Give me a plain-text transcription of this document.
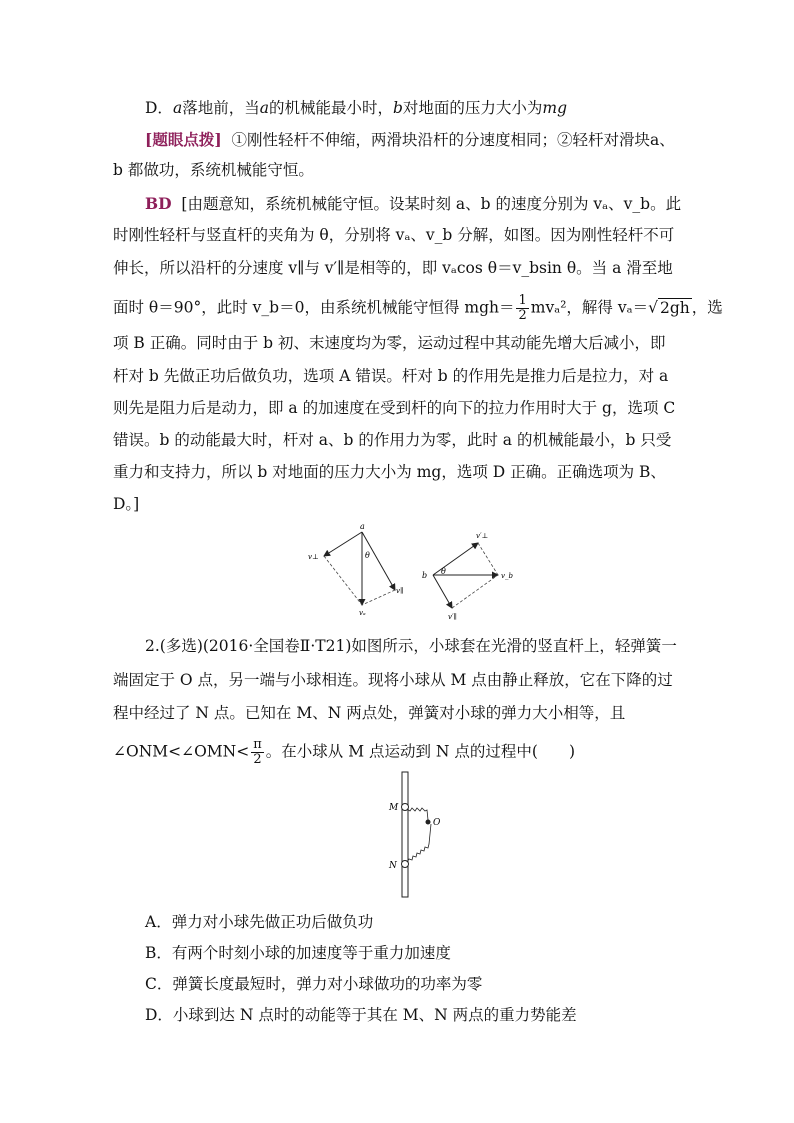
D．a落地前，当a的机械能最小时，b对地面的压力大小为mg
[题眼点拨] ①刚性轻杆不伸缩，两滑块沿杆的分速度相同；②轻杆对滑块a、
b 都做功，系统机械能守恒。
BD [由题意知，系统机械能守恒。设某时刻 a、b 的速度分别为 vₐ、v_b。此
时刚性轻杆与竖直杆的夹角为 θ，分别将 vₐ、v_b 分解，如图。因为刚性轻杆不可
伸长，所以沿杆的分速度 v∥与 v′∥是相等的，即 vₐcos θ＝v_bsin θ。当 a 滑至地
面时 θ＝90°，此时 v_b＝0，由系统机械能守恒得 $mgh= \frac{1}{2} mv_a^2$，解得 vₐ＝√ 2gh ，选
项 B 正确。同时由于 b 初、末速度均为零，运动过程中其动能先增大后减小，即
杆对 b 先做正功后做负功，选项 A 错误。杆对 b 的作用先是推力后是拉力，对 a
则先是阻力后是动力，即 a 的加速度在受到杆的向下的拉力作用时大于 g，选项 C
错误。b 的动能最大时，杆对 a、b 的作用力为零，此时 a 的机械能最小，b 只受
重力和支持力，所以 b 对地面的压力大小为 mg，选项 D 正确。正确选项为 B、
D。]
a
θ
v⊥
v∥
vₐ
v′⊥
b θ	v_b
v′∥
2.(多选)(2016·全国卷Ⅱ·T21)如图所示，小球套在光滑的竖直杆上，轻弹簧一
端固定于 O 点，另一端与小球相连。现将小球从 M 点由静止释放，它在下降的过
程中经过了 N 点。已知在 M、N 两点处，弹簧对小球的弹力大小相等，且
∠ONM<∠OMN< $\frac{\pi}{2}$ 。在小球从 M 点运动到 N 点的过程中(　　)
M
O
N
A．弹力对小球先做正功后做负功
B．有两个时刻小球的加速度等于重力加速度
C．弹簧长度最短时，弹力对小球做功的功率为零
D．小球到达 N 点时的动能等于其在 M、N 两点的重力势能差
